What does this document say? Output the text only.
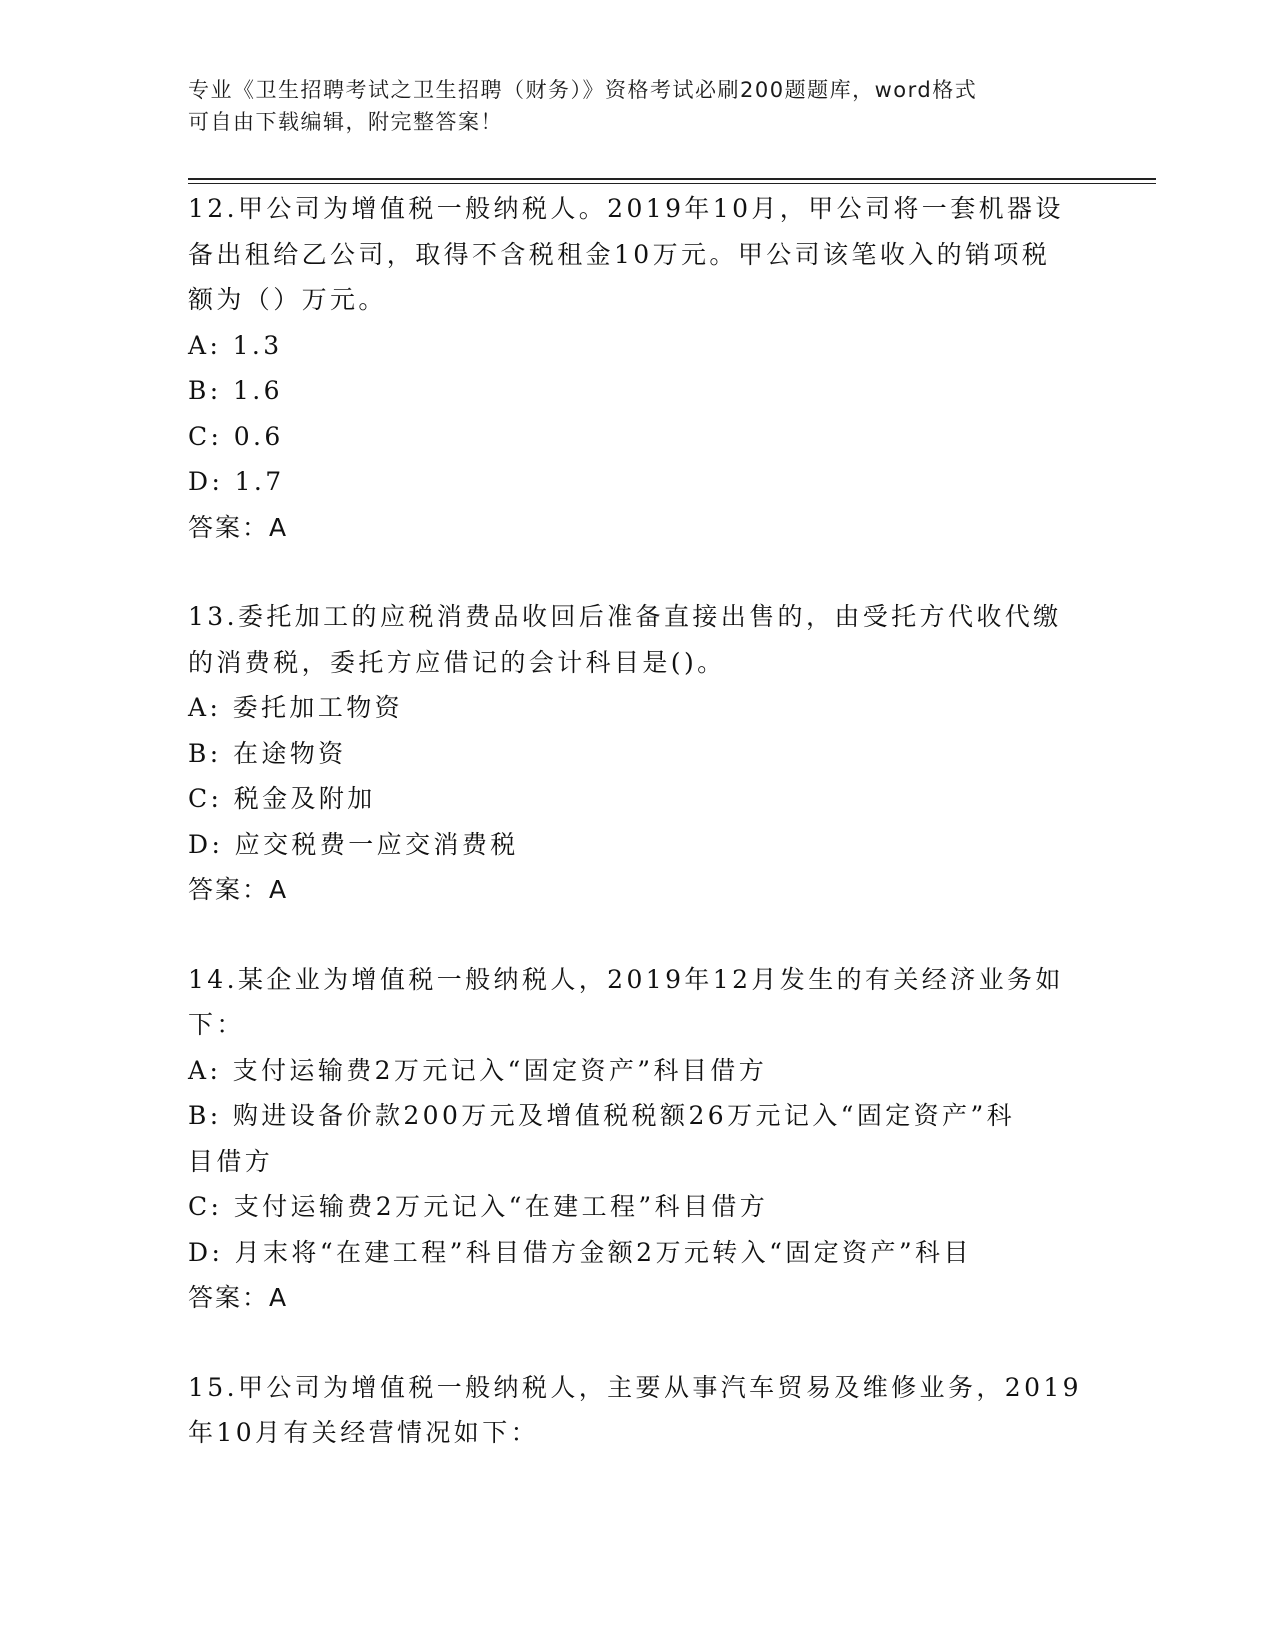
专业《卫生招聘考试之卫生招聘（财务）》资格考试必刷200题题库，word格式
可自由下载编辑，附完整答案！

12.甲公司为增值税一般纳税人。2019年10月，甲公司将一套机器设

备出租给乙公司，取得不含税租金10万元。甲公司该笔收入的销项税

额为（）万元。

A: 1.3

B: 1.6

C: 0.6

D: 1.7

答案：A

13.委托加工的应税消费品收回后准备直接出售的，由受托方代收代缴

的消费税，委托方应借记的会计科目是()。

A: 委托加工物资

B: 在途物资

C: 税金及附加

D: 应交税费一应交消费税

答案：A

14.某企业为增值税一般纳税人，2019年12月发生的有关经济业务如

下：

A: 支付运输费2万元记入“固定资产”科目借方

B: 购进设备价款200万元及增值税税额26万元记入“固定资产”科

目借方

C: 支付运输费2万元记入“在建工程”科目借方

D: 月末将“在建工程”科目借方金额2万元转入“固定资产”科目

答案：A

15.甲公司为增值税一般纳税人，主要从事汽车贸易及维修业务，2019

年10月有关经营情况如下：
